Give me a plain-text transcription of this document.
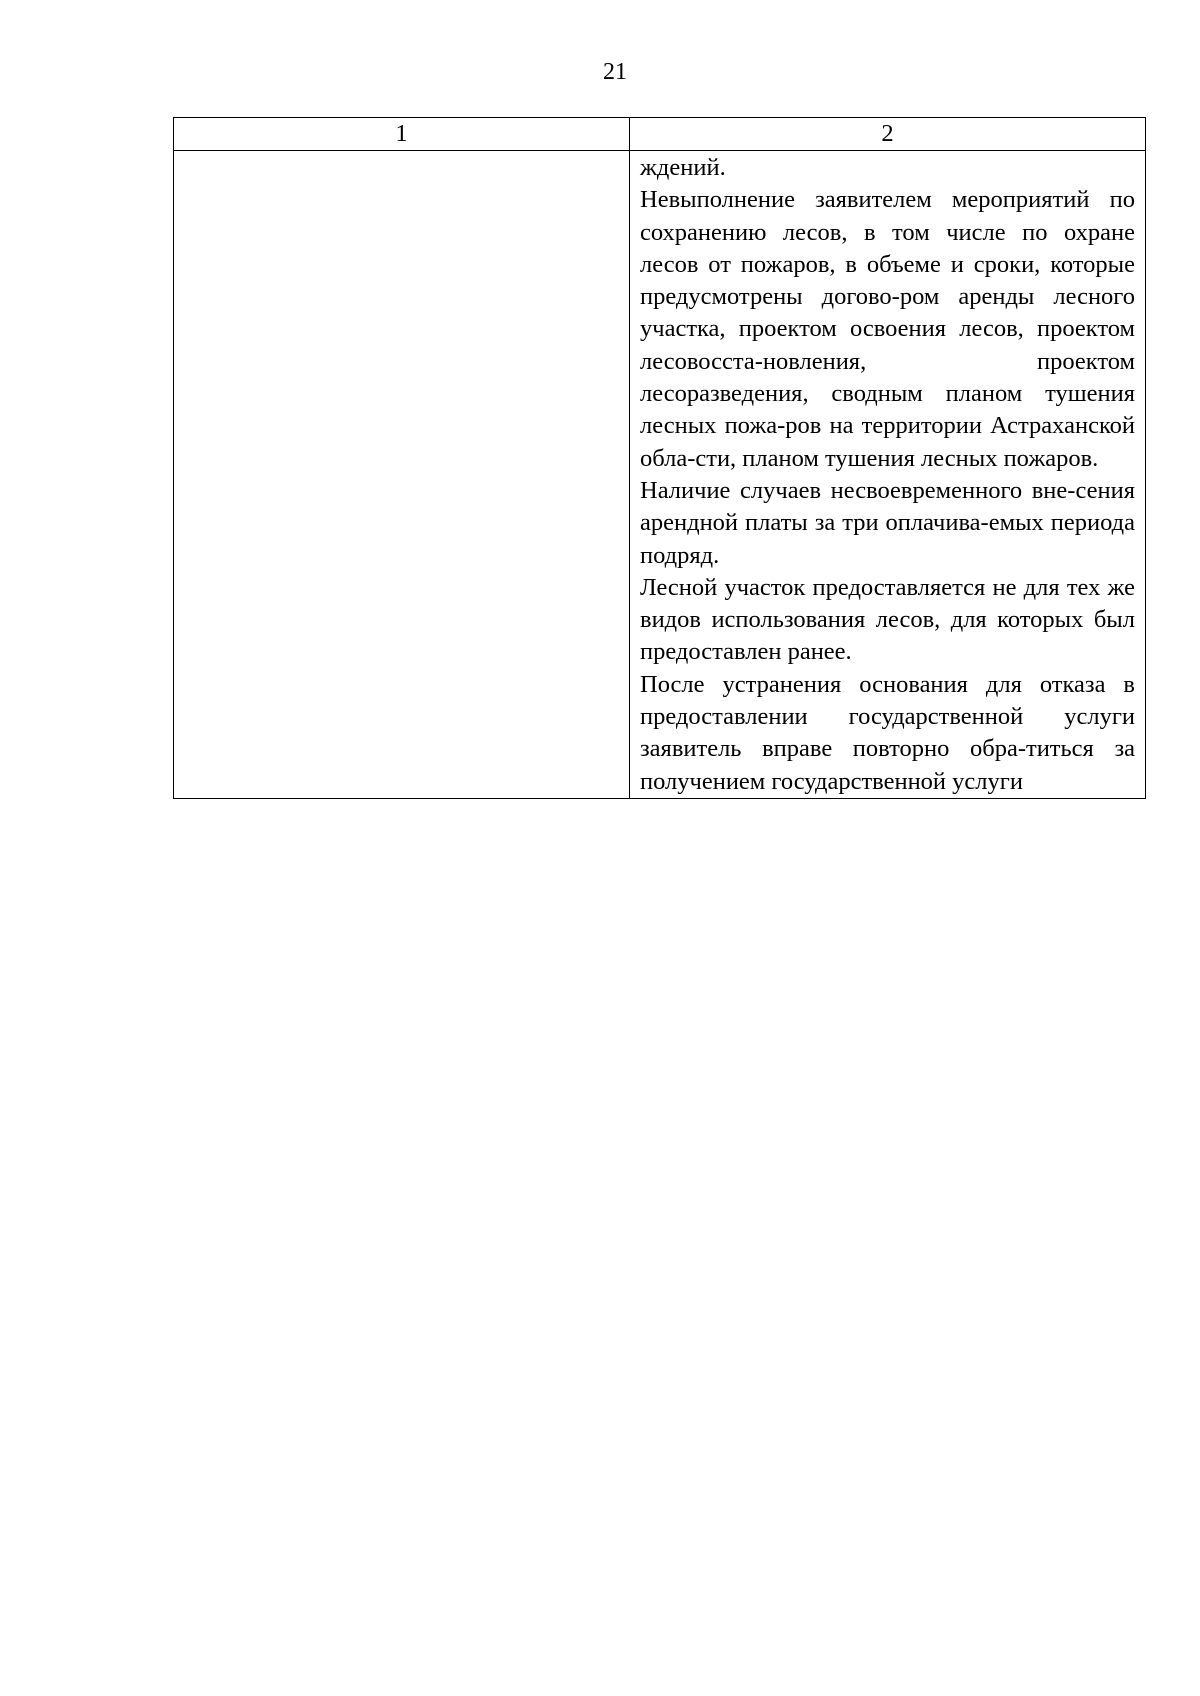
21
1	2

	ждений.
Невыполнение заявителем мероприятий по сохранению лесов, в том числе по охране лесов от пожаров, в объеме и сроки, которые предусмотрены догово-ром аренды лесного участка, проектом освоения лесов, проектом лесовосста-новления, проектом лесоразведения, сводным планом тушения лесных пожа-ров на территории Астраханской обла-сти, планом тушения лесных пожаров.
Наличие случаев несвоевременного вне-сения арендной платы за три оплачива-емых периода подряд.
Лесной участок предоставляется не для тех же видов использования лесов, для которых был предоставлен ранее.
После устранения основания для отказа в предоставлении государственной услуги заявитель вправе повторно обра-титься за получением государственной услуги
